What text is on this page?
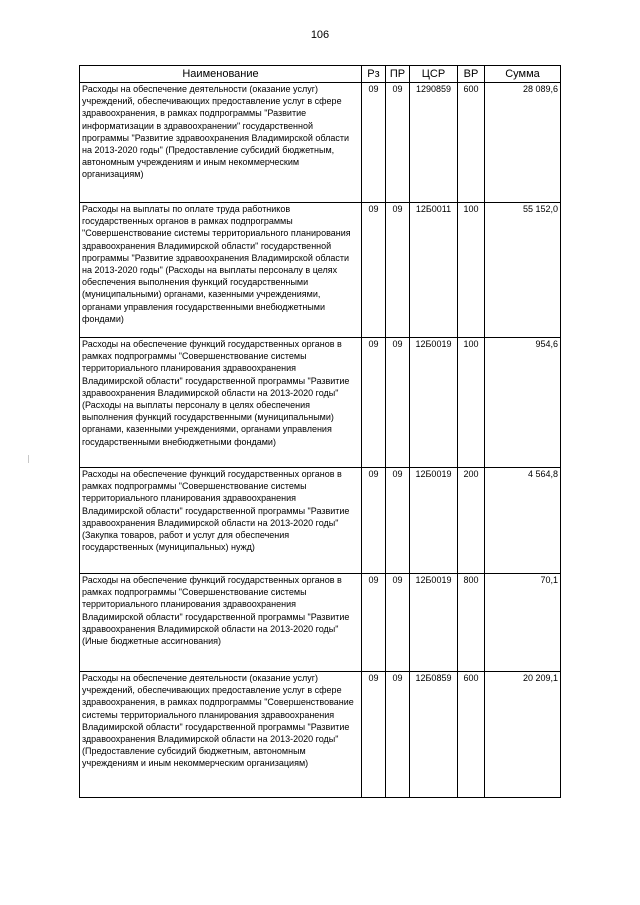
106
Наименование	Рз	ПР	ЦСР	ВР	Сумма
Расходы на обеспечение деятельности (оказание услуг) учреждений, обеспечивающих предоставление услуг в сфере здравоохранения, в рамках подпрограммы "Развитие информатизации в здравоохранении" государственной программы "Развитие здравоохранения Владимирской области на 2013-2020 годы" (Предоставление субсидий бюджетным, автономным учреждениям и иным некоммерческим организациям)	09	09	1290859	600	28 089,6
Расходы на выплаты по оплате труда работников государственных органов в рамках подпрограммы "Совершенствование системы территориального планирования здравоохранения Владимирской области" государственной программы "Развитие здравоохранения Владимирской области на 2013-2020 годы" (Расходы на выплаты персоналу в целях обеспечения выполнения функций государственными (муниципальными) органами, казенными учреждениями, органами управления государственными внебюджетными фондами)	09	09	12Б0011	100	55 152,0
Расходы на обеспечение функций государственных органов в рамках подпрограммы "Совершенствование системы территориального планирования здравоохранения Владимирской области" государственной программы "Развитие здравоохранения Владимирской области на 2013-2020 годы" (Расходы на выплаты персоналу в целях обеспечения выполнения функций государственными (муниципальными) органами, казенными учреждениями, органами управления государственными внебюджетными фондами)	09	09	12Б0019	100	954,6
Расходы на обеспечение функций государственных органов в рамках подпрограммы "Совершенствование системы территориального планирования здравоохранения Владимирской области" государственной программы "Развитие здравоохранения Владимирской области на 2013-2020 годы" (Закупка товаров, работ и услуг для обеспечения государственных (муниципальных) нужд)	09	09	12Б0019	200	4 564,8
Расходы на обеспечение функций государственных органов в рамках подпрограммы "Совершенствование системы территориального планирования здравоохранения Владимирской области" государственной программы "Развитие здравоохранения Владимирской области на 2013-2020 годы" (Иные бюджетные ассигнования)	09	09	12Б0019	800	70,1
Расходы на обеспечение деятельности (оказание услуг) учреждений, обеспечивающих предоставление услуг в сфере здравоохранения, в рамках подпрограммы "Совершенствование системы территориального планирования здравоохранения Владимирской области" государственной программы "Развитие здравоохранения Владимирской области на 2013-2020 годы" (Предоставление субсидий бюджетным, автономным учреждениям и иным некоммерческим организациям)	09	09	12Б0859	600	20 209,1
